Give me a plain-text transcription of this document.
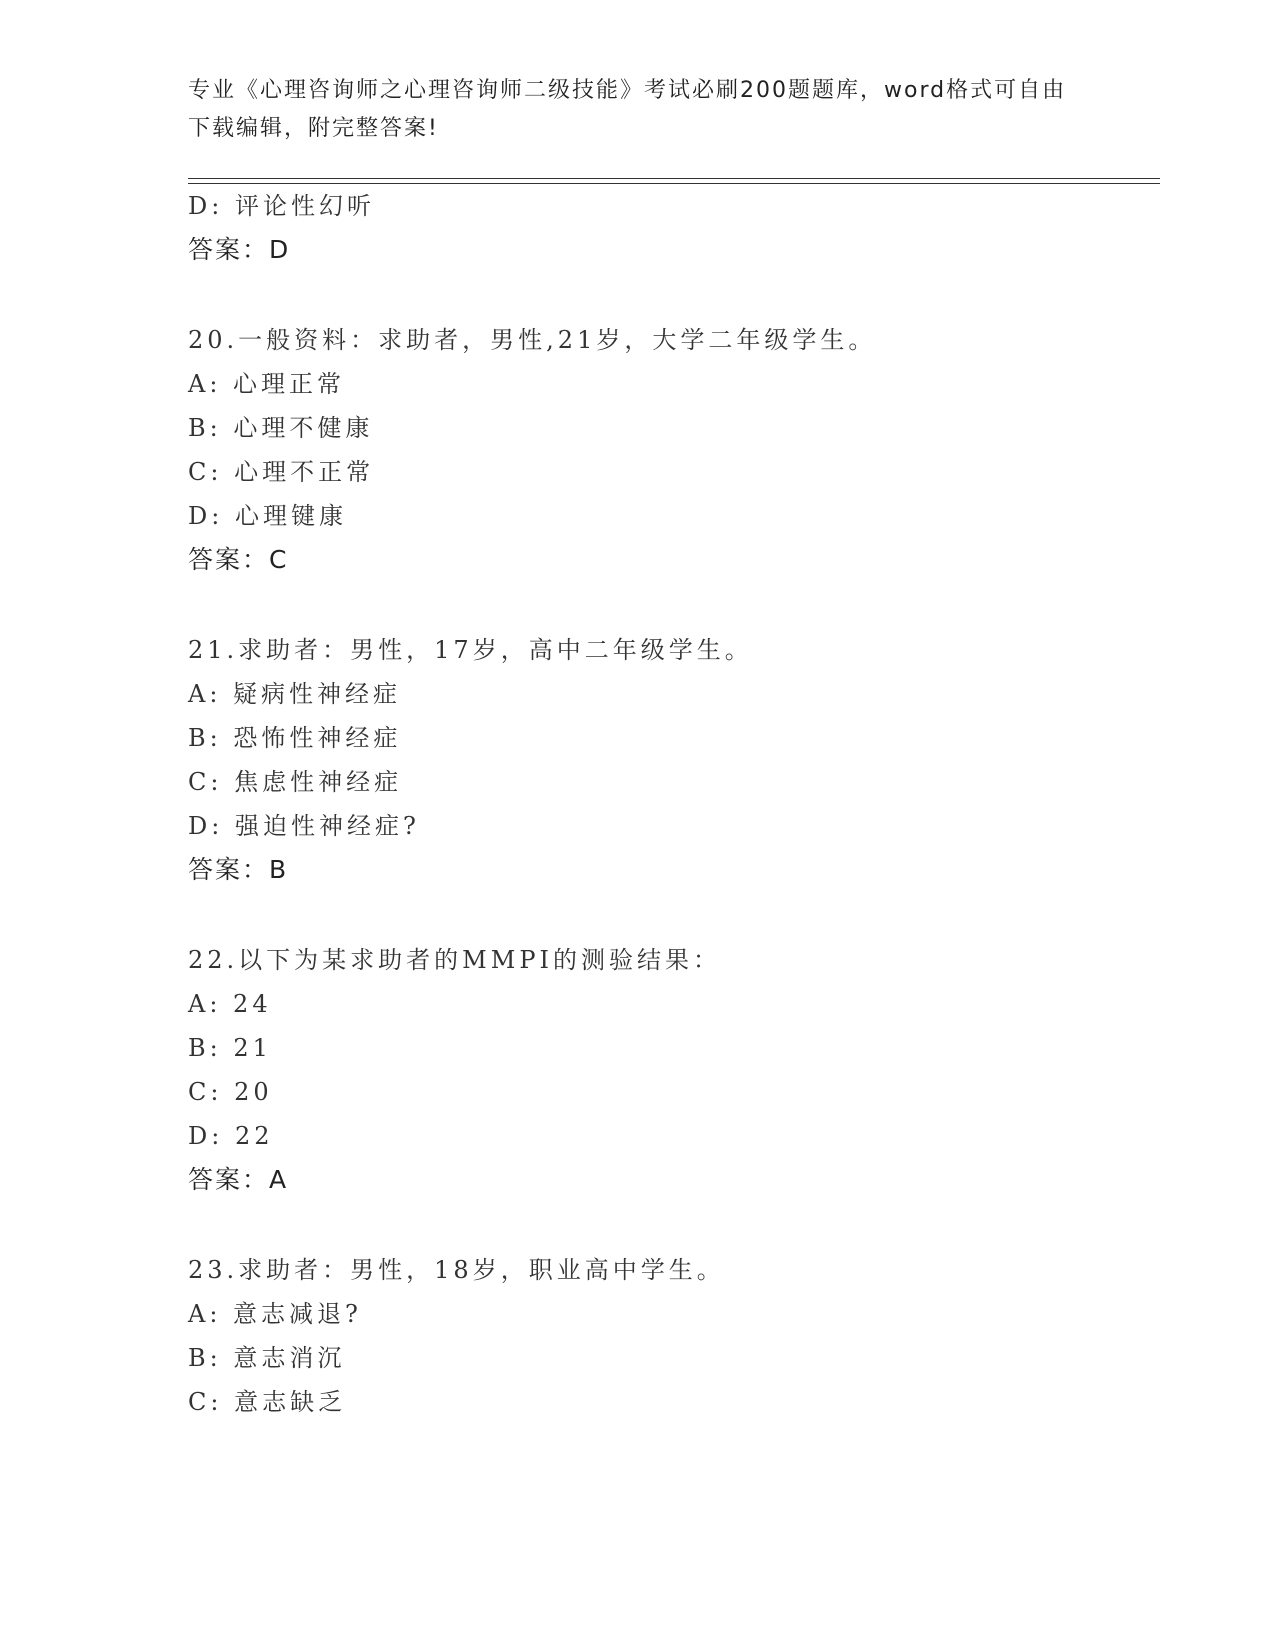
专业《心理咨询师之心理咨询师二级技能》考试必刷200题题库，word格式可自由下载编辑，附完整答案!
D: 评论性幻听
答案：D
20.一般资料：求助者，男性,21岁，大学二年级学生。
A: 心理正常
B: 心理不健康
C: 心理不正常
D: 心理键康
答案：C
21.求助者：男性，17岁，高中二年级学生。
A: 疑病性神经症
B: 恐怖性神经症
C: 焦虑性神经症
D: 强迫性神经症?
答案：B
22.以下为某求助者的MMPI的测验结果：
A: 24
B: 21
C: 20
D: 22
答案：A
23.求助者：男性，18岁，职业高中学生。
A: 意志减退?
B: 意志消沉
C: 意志缺乏
